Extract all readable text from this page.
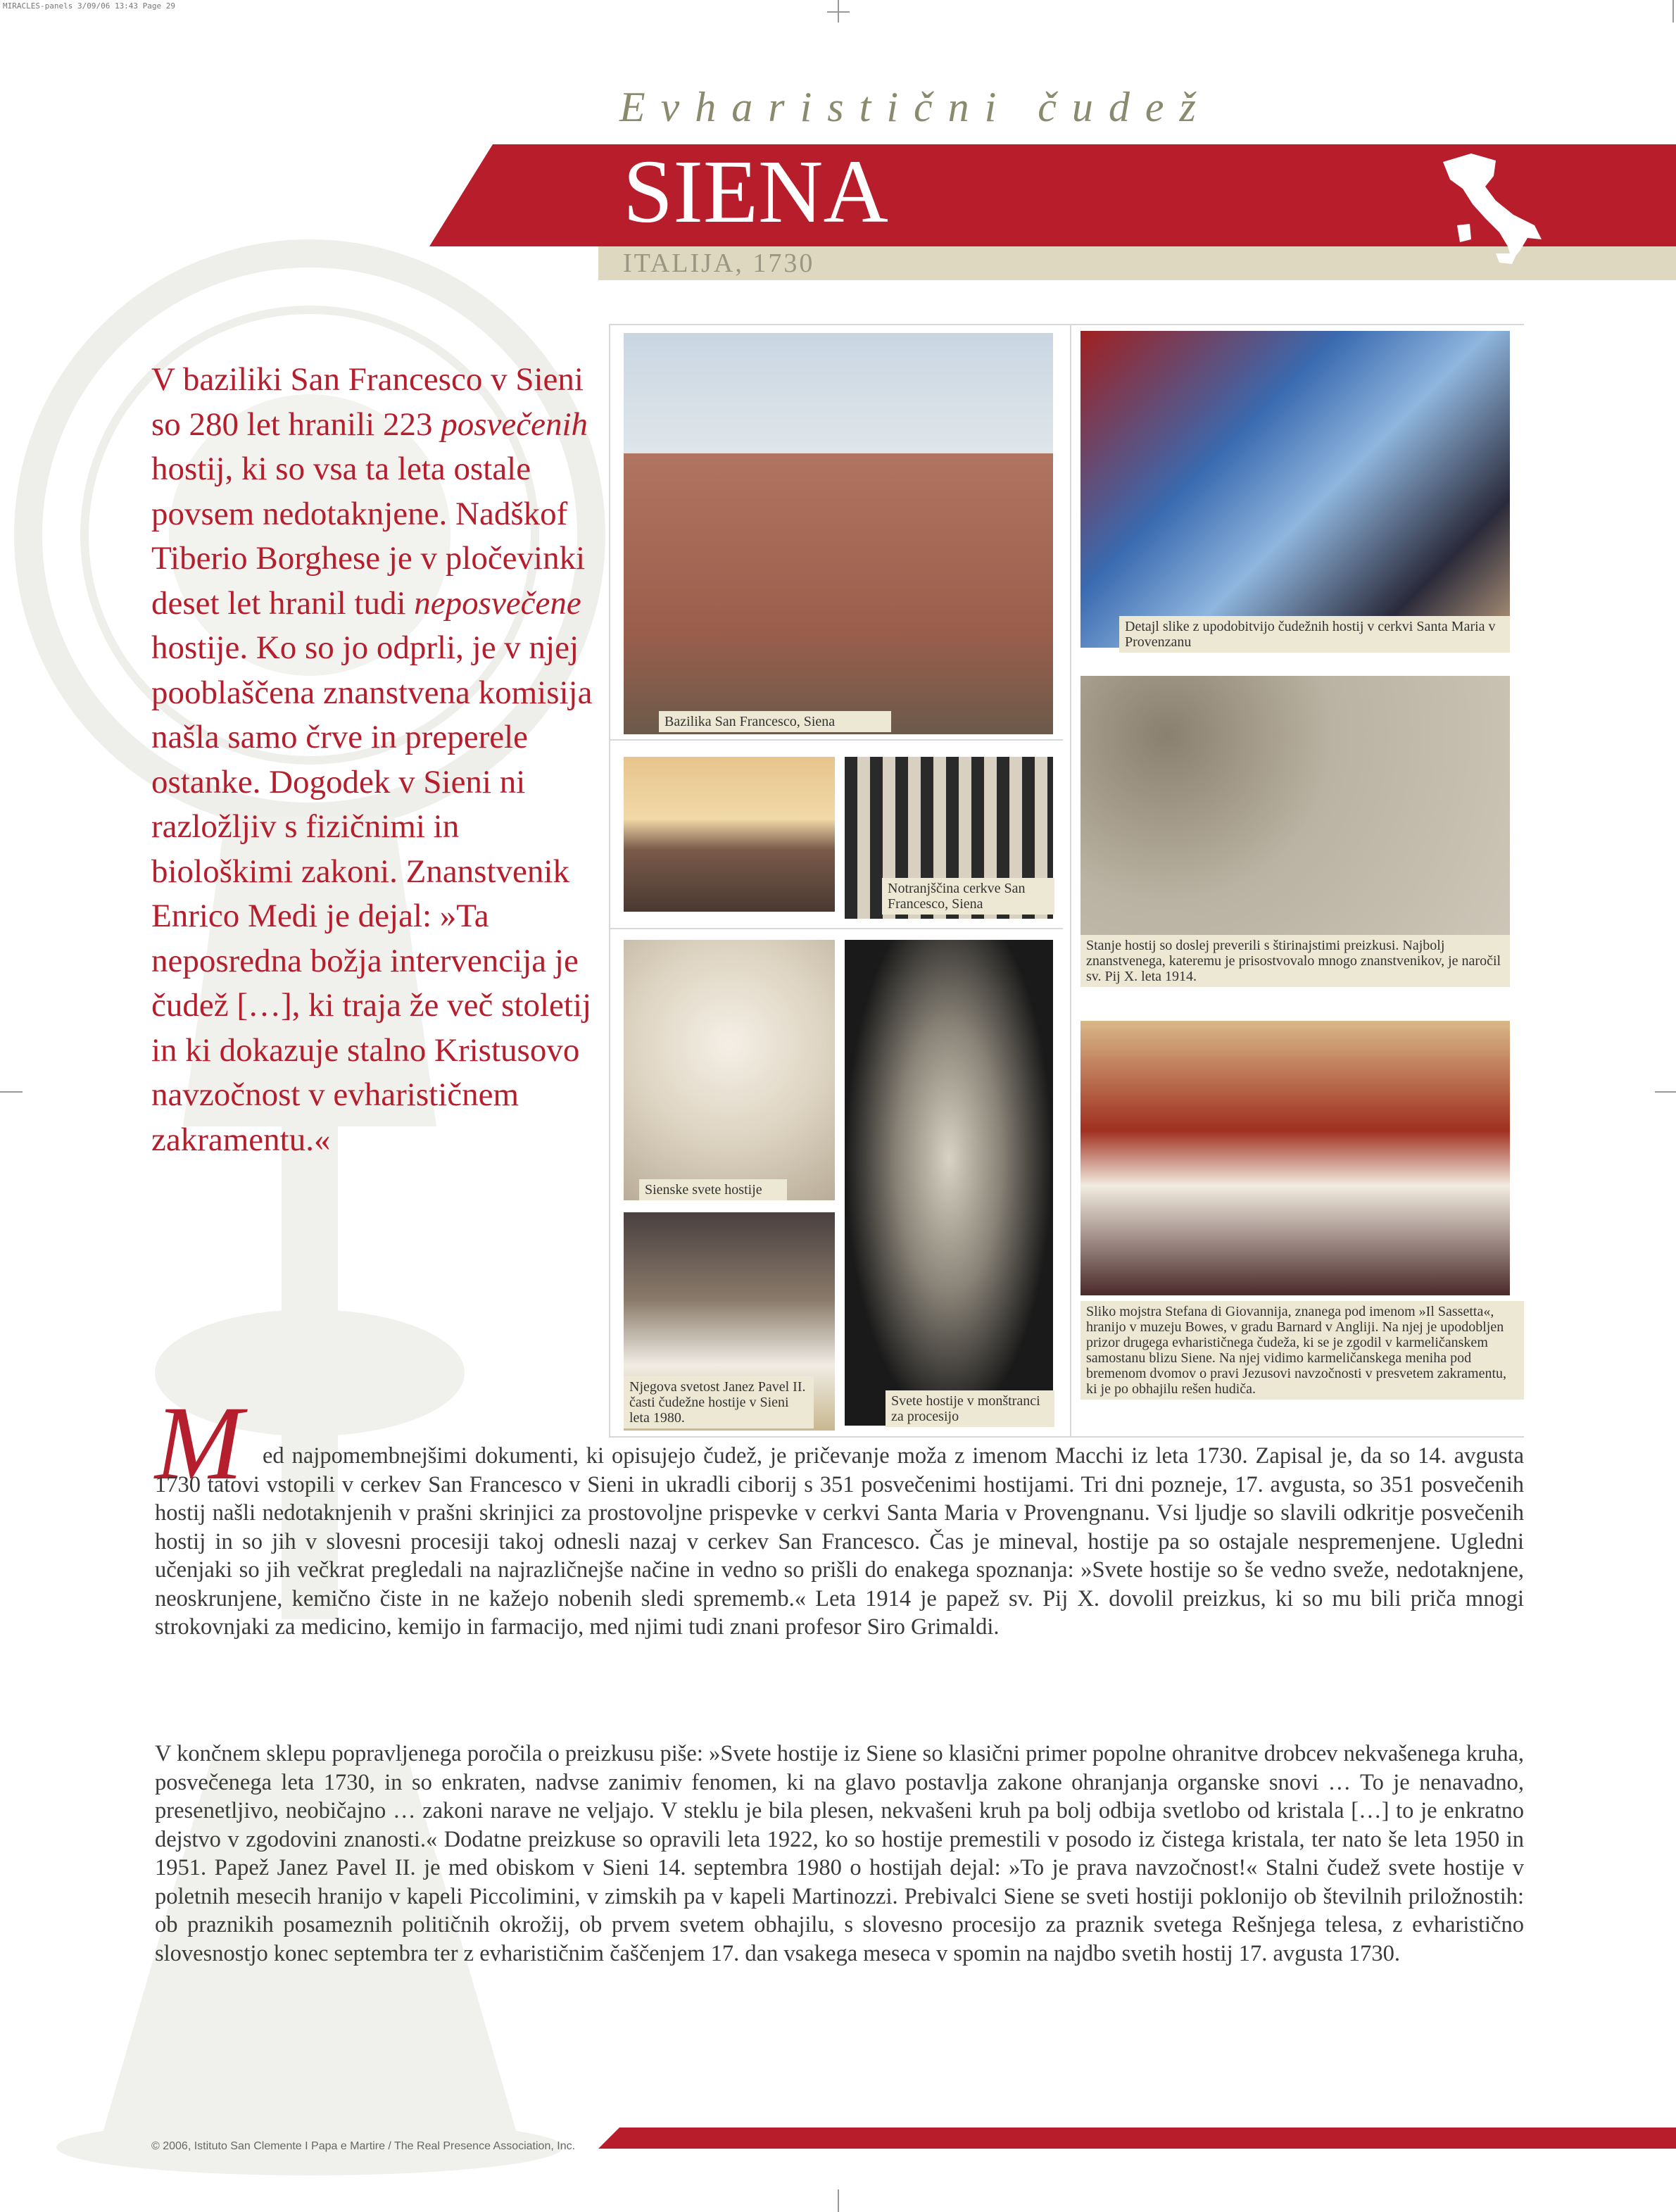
MIRACLES-panels 3/09/06 13:43 Page 29
Evharistični čudež
SIENA
ITALIJA, 1730
V baziliki San Francesco v Sieni so 280 let hranili 223 posvečenih hostij, ki so vsa ta leta ostale povsem nedotaknjene. Nadškof Tiberio Borghese je v pločevinki deset let hranil tudi neposvečene hostije. Ko so jo odprli, je v njej pooblaščena znanstvena komisija našla samo črve in preperele ostanke. Dogodek v Sieni ni razložljiv s fizičnimi in biološkimi zakoni. Znanstvenik Enrico Medi je dejal: »Ta neposredna božja intervencija je čudež […], ki traja že več stoletij in ki dokazuje stalno Kristusovo navzočnost v evharističnem zakramentu.«
Bazilika San Francesco, Siena
Notranjščina cerkve San Francesco, Siena
Sienske svete hostije
Svete hostije v monštranci za procesijo
Njegova svetost Janez Pavel II. časti čudežne hostije v Sieni leta 1980.
Detajl slike z upodobitvijo čudežnih hostij v cerkvi Santa Maria v Provenzanu
Stanje hostij so doslej preverili s štirinajstimi preizkusi. Najbolj znanstvenega, kateremu je prisostvovalo mnogo znanstvenikov, je naročil sv. Pij X. leta 1914.
Sliko mojstra Stefana di Giovannija, znanega pod imenom »Il Sassetta«, hranijo v muzeju Bowes, v gradu Barnard v Angliji. Na njej je upodobljen prizor drugega evharističnega čudeža, ki se je zgodil v karmeličanskem samostanu blizu Siene. Na njej vidimo karmeličanskega meniha pod bremenom dvomov o pravi Jezusovi navzočnosti v presvetem zakramentu, ki je po obhajilu rešen hudiča.
M ed najpomembnejšimi dokumenti, ki opisujejo čudež, je pričevanje moža z imenom Macchi iz leta 1730. Zapisal je, da so 14. avgusta 1730 tatovi vstopili v cerkev San Francesco v Sieni in ukradli ciborij s 351 posvečenimi hostijami. Tri dni pozneje, 17. avgusta, so 351 posvečenih hostij našli nedotaknjenih v prašni skrinjici za prostovoljne prispevke v cerkvi Santa Maria v Provengnanu. Vsi ljudje so slavili odkritje posvečenih hostij in so jih v slovesni procesiji takoj odnesli nazaj v cerkev San Francesco. Čas je mineval, hostije pa so ostajale nespremenjene. Ugledni učenjaki so jih večkrat pregledali na najrazličnejše načine in vedno so prišli do enakega spoznanja: »Svete hostije so še vedno sveže, nedotaknjene, neoskrunjene, kemično čiste in ne kažejo nobenih sledi sprememb.« Leta 1914 je papež sv. Pij X. dovolil preizkus, ki so mu bili priča mnogi strokovnjaki za medicino, kemijo in farmacijo, med njimi tudi znani profesor Siro Grimaldi.
V končnem sklepu popravljenega poročila o preizkusu piše: »Svete hostije iz Siene so klasični primer popolne ohranitve drobcev nekvašenega kruha, posvečenega leta 1730, in so enkraten, nadvse zanimiv fenomen, ki na glavo postavlja zakone ohranjanja organske snovi … To je nenavadno, presenetljivo, neobičajno … zakoni narave ne veljajo. V steklu je bila plesen, nekvašeni kruh pa bolj odbija svetlobo od kristala […] to je enkratno dejstvo v zgodovini znanosti.« Dodatne preizkuse so opravili leta 1922, ko so hostije premestili v posodo iz čistega kristala, ter nato še leta 1950 in 1951. Papež Janez Pavel II. je med obiskom v Sieni 14. septembra 1980 o hostijah dejal: »To je prava navzočnost!« Stalni čudež svete hostije v poletnih mesecih hranijo v kapeli Piccolimini, v zimskih pa v kapeli Martinozzi. Prebivalci Siene se sveti hostiji poklonijo ob številnih priložnostih: ob praznikih posameznih političnih okrožij, ob prvem svetem obhajilu, s slovesno procesijo za praznik svetega Rešnjega telesa, z evharistično slovesnostjo konec septembra ter z evharističnim čaščenjem 17. dan vsakega meseca v spomin na najdbo svetih hostij 17. avgusta 1730.
© 2006, Istituto San Clemente I Papa e Martire / The Real Presence Association, Inc.
